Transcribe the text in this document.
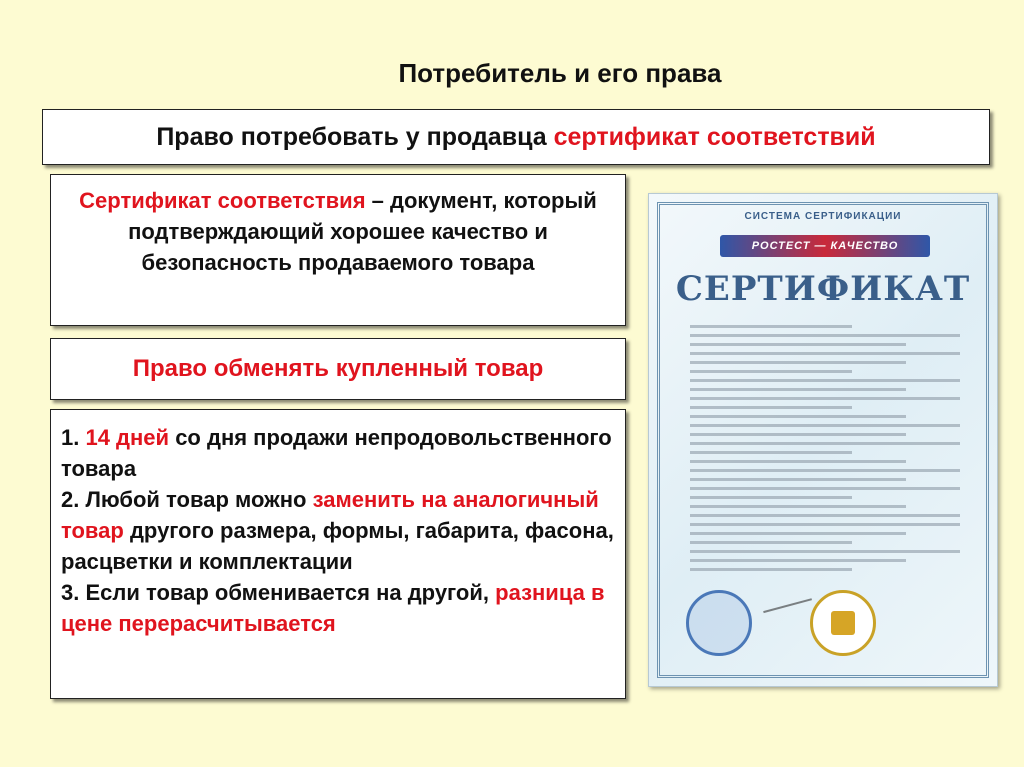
Потребитель и его права
Право потребовать у продавца сертификат соответствий
Сертификат соответствия – документ, который подтверждающий хорошее качество и безопасность продаваемого товара
Право обменять купленный товар

1. 14 дней со дня продажи непродовольственного товара

2. Любой товар можно заменить на аналогичный товар другого размера, формы, габарита, фасона, расцветки и комплектации

3. Если товар обменивается на другой, разница в цене перерасчитывается

СИСТЕМА СЕРТИФИКАЦИИ
РОСТЕСТ — КАЧЕСТВО
СЕРТИФИКАТ
